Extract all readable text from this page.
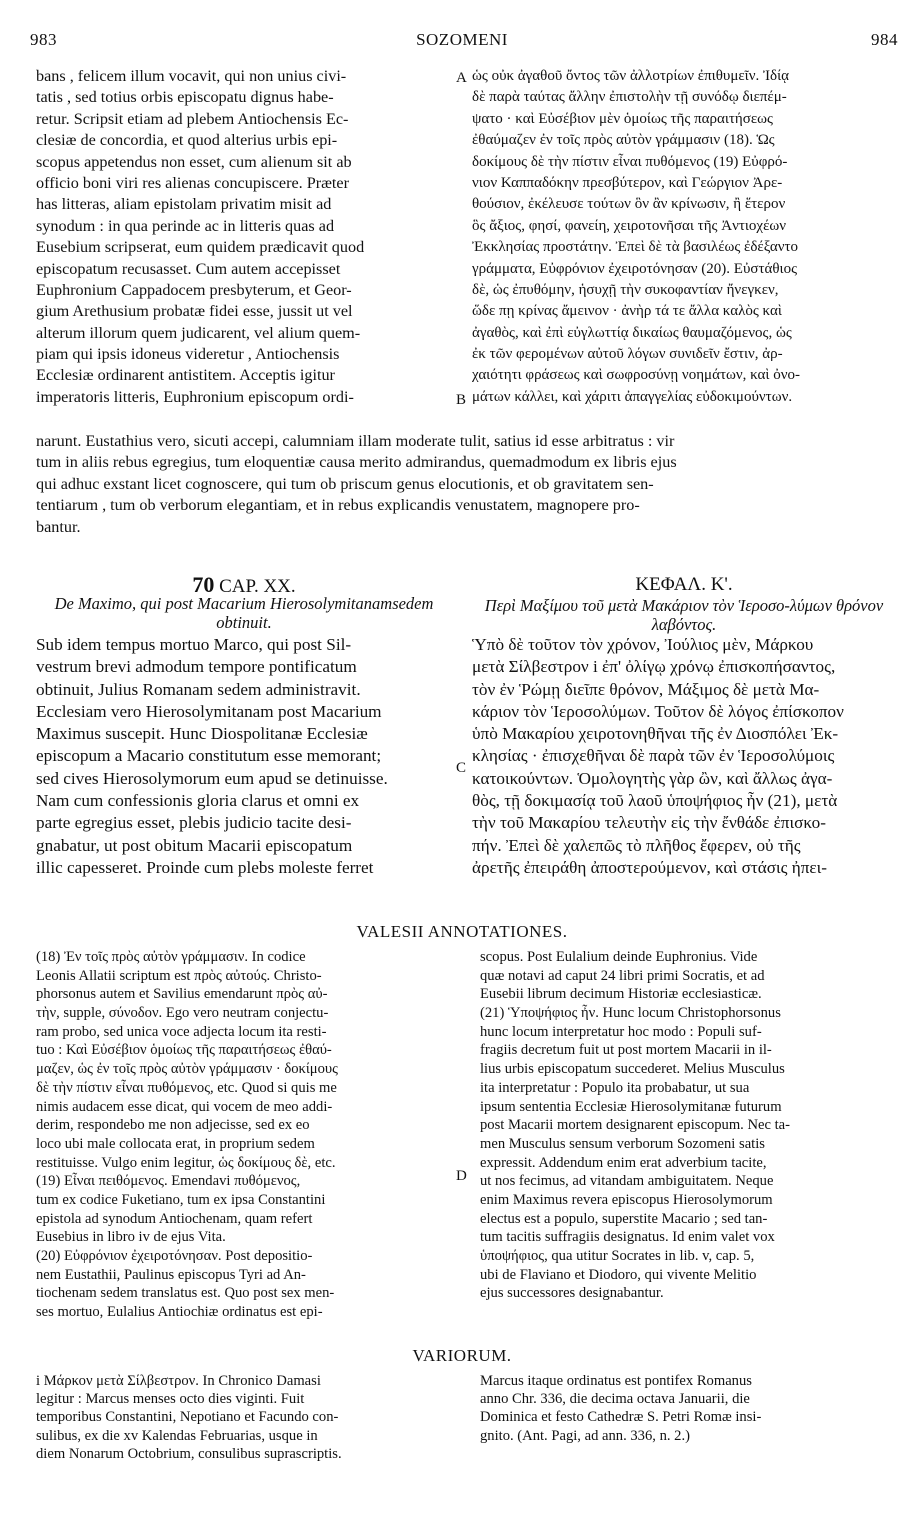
983	SOZOMENI	984
A
B
C
D
bans , felicem illum vocavit, qui non unius civi-
tatis , sed totius orbis episcopatu dignus habe-
retur. Scripsit etiam ad plebem Antiochensis Ec-
clesiæ de concordia, et quod alterius urbis epi-
scopus appetendus non esset, cum alienum sit ab
officio boni viri res alienas concupiscere. Præter
has litteras, aliam epistolam privatim misit ad
synodum : in qua perinde ac in litteris quas ad
Eusebium scripserat, eum quidem prædicavit quod
episcopatum recusasset. Cum autem accepisset
Euphronium Cappadocem presbyterum, et Geor-
gium Arethusium probatæ fidei esse, jussit ut vel
alterum illorum quem judicarent, vel alium quem-
piam qui ipsis idoneus videretur , Antiochensis
Ecclesiæ ordinarent antistitem. Acceptis igitur
imperatoris litteris, Euphronium episcopum ordi-
ὡς οὐκ ἀγαθοῦ ὄντος τῶν ἀλλοτρίων ἐπιθυμεῖν. Ἰδίᾳ
δὲ παρὰ ταύτας ἄλλην ἐπιστολὴν τῇ συνόδῳ διεπέμ-
ψατο · καὶ Εὐσέβιον μὲν ὁμοίως τῆς παραιτήσεως
ἐθαύμαζεν ἐν τοῖς πρὸς αὐτὸν γράμμασιν (18). Ὡς
δοκίμους δὲ τὴν πίστιν εἶναι πυθόμενος (19) Εὐφρό-
νιον Καππαδόκην πρεσβύτερον, καὶ Γεώργιον Ἀρε-
θούσιον, ἐκέλευσε τούτων ὃν ἂν κρίνωσιν, ἢ ἕτερον
ὃς ἄξιος, φησί, φανείη, χειροτονῆσαι τῆς Ἀντιοχέων
Ἐκκλησίας προστάτην. Ἐπεὶ δὲ τὰ βασιλέως ἐδέξαντο
γράμματα, Εὐφρόνιον ἐχειροτόνησαν (20). Εὐστάθιος
δὲ, ὡς ἐπυθόμην, ἡσυχῇ τὴν συκοφαντίαν ἤνεγκεν,
ὥδε πῃ κρίνας ἄμεινον · ἀνὴρ τά τε ἄλλα καλὸς καὶ
ἀγαθὸς, καὶ ἐπὶ εὐγλωττίᾳ δικαίως θαυμαζόμενος, ὡς
ἐκ τῶν φερομένων αὐτοῦ λόγων συνιδεῖν ἔστιν, ἀρ-
χαιότητι φράσεως καὶ σωφροσύνῃ νοημάτων, καὶ ὀνο-
μάτων κάλλει, καὶ χάριτι ἀπαγγελίας εὐδοκιμούντων.
narunt. Eustathius vero, sicuti accepi, calumniam illam moderate tulit, satius id esse arbitratus : vir
tum in aliis rebus egregius, tum eloquentiæ causa merito admirandus, quemadmodum ex libris ejus
qui adhuc exstant licet cognoscere, qui tum ob priscum genus elocutionis, et ob gravitatem sen-
tentiarum , tum ob verborum elegantiam, et in rebus explicandis venustatem, magnopere pro-
bantur.
70 CAP. XX.
De Maximo, qui post Macarium Hierosolymitanamsedem obtinuit.
Sub idem tempus mortuo Marco, qui post Sil-
vestrum brevi admodum tempore pontificatum
obtinuit, Julius Romanam sedem administravit.
Ecclesiam vero Hierosolymitanam post Macarium
Maximus suscepit. Hunc Diospolitanæ Ecclesiæ
episcopum a Macario constitutum esse memorant;
sed cives Hierosolymorum eum apud se detinuisse.
Nam cum confessionis gloria clarus et omni ex
parte egregius esset, plebis judicio tacite desi-
gnabatur, ut post obitum Macarii episcopatum
illic capesseret. Proinde cum plebs moleste ferret
ΚΕΦΑΛ. Κ'.
Περὶ Μαξίμου τοῦ μετὰ Μακάριον τὸν Ἱεροσο-λύμων θρόνον λαβόντος.
Ὑπὸ δὲ τοῦτον τὸν χρόνον, Ἰούλιος μὲν, Μάρκου
μετὰ Σίλβεστρον i ἐπ' ὀλίγῳ χρόνῳ ἐπισκοπήσαντος,
τὸν ἐν Ῥώμῃ διεῖπε θρόνον, Μάξιμος δὲ μετὰ Μα-
κάριον τὸν Ἱεροσολύμων. Τοῦτον δὲ λόγος ἐπίσκοπον
ὑπὸ Μακαρίου χειροτονηθῆναι τῆς ἐν Διοσπόλει Ἐκ-
κλησίας · ἐπισχεθῆναι δὲ παρὰ τῶν ἐν Ἱεροσολύμοις
κατοικούντων. Ὁμολογητὴς γὰρ ὢν, καὶ ἄλλως ἀγα-
θὸς, τῇ δοκιμασίᾳ τοῦ λαοῦ ὑποψήφιος ἦν (21), μετὰ
τὴν τοῦ Μακαρίου τελευτὴν εἰς τὴν ἔνθάδε ἐπισκο-
πήν. Ἐπεὶ δὲ χαλεπῶς τὸ πλῆθος ἔφερεν, οὐ τῆς
ἀρετῆς ἐπειράθη ἀποστερούμενον, καὶ στάσις ἠπει-
VALESII ANNOTATIONES.
(18) Ἐν τοῖς πρὸς αὐτὸν γράμμασιν. In codice
Leonis Allatii scriptum est πρὸς αὐτούς. Christo-
phorsonus autem et Savilius emendarunt πρὸς αὐ-
τὴν, supple, σύνοδον. Ego vero neutram conjectu-
ram probo, sed unica voce adjecta locum ita resti-
tuo : Καὶ Εὐσέβιον ὁμοίως τῆς παραιτήσεως ἐθαύ-
μαζεν, ὡς ἐν τοῖς πρὸς αὐτὸν γράμμασιν · δοκίμους
δὲ τὴν πίστιν εἶναι πυθόμενος, etc. Quod si quis me
nimis audacem esse dicat, qui vocem de meo addi-
derim, respondebo me non adjecisse, sed ex eo
loco ubi male collocata erat, in proprium sedem
restituisse. Vulgo enim legitur, ὡς δοκίμους δὲ, etc.
(19) Εἶναι πειθόμενος. Emendavi πυθόμενος,
tum ex codice Fuketiano, tum ex ipsa Constantini
epistola ad synodum Antiochenam, quam refert
Eusebius in libro iv de ejus Vita.
(20) Εὐφρόνιον ἐχειροτόνησαν. Post depositio-
nem Eustathii, Paulinus episcopus Tyri ad An-
tiochenam sedem translatus est. Quo post sex men-
ses mortuo, Eulalius Antiochiæ ordinatus est epi-
scopus. Post Eulalium deinde Euphronius. Vide
quæ notavi ad caput 24 libri primi Socratis, et ad
Eusebii librum decimum Historiæ ecclesiasticæ.
(21) Ὑποψήφιος ἦν. Hunc locum Christophorsonus
hunc locum interpretatur hoc modo : Populi suf-
fragiis decretum fuit ut post mortem Macarii in il-
lius urbis episcopatum succederet. Melius Musculus
ita interpretatur : Populo ita probabatur, ut sua
ipsum sententia Ecclesiæ Hierosolymitanæ futurum
post Macarii mortem designarent episcopum. Nec ta-
men Musculus sensum verborum Sozomeni satis
expressit. Addendum enim erat adverbium tacite,
ut nos fecimus, ad vitandam ambiguitatem. Neque
enim Maximus revera episcopus Hierosolymorum
electus est a populo, superstite Macario ; sed tan-
tum tacitis suffragiis designatus. Id enim valet vox
ὑποψήφιος, qua utitur Socrates in lib. v, cap. 5,
ubi de Flaviano et Diodoro, qui vivente Melitio
ejus successores designabantur.
VARIORUM.
i Μάρκον μετὰ Σίλβεστρον. In Chronico Damasi
legitur : Marcus menses octo dies viginti. Fuit
temporibus Constantini, Nepotiano et Facundo con-
sulibus, ex die xv Kalendas Februarias, usque in
diem Nonarum Octobrium, consulibus suprascriptis.
Marcus itaque ordinatus est pontifex Romanus
anno Chr. 336, die decima octava Januarii, die
Dominica et festo Cathedræ S. Petri Romæ insi-
gnito. (Ant. Pagi, ad ann. 336, n. 2.)
